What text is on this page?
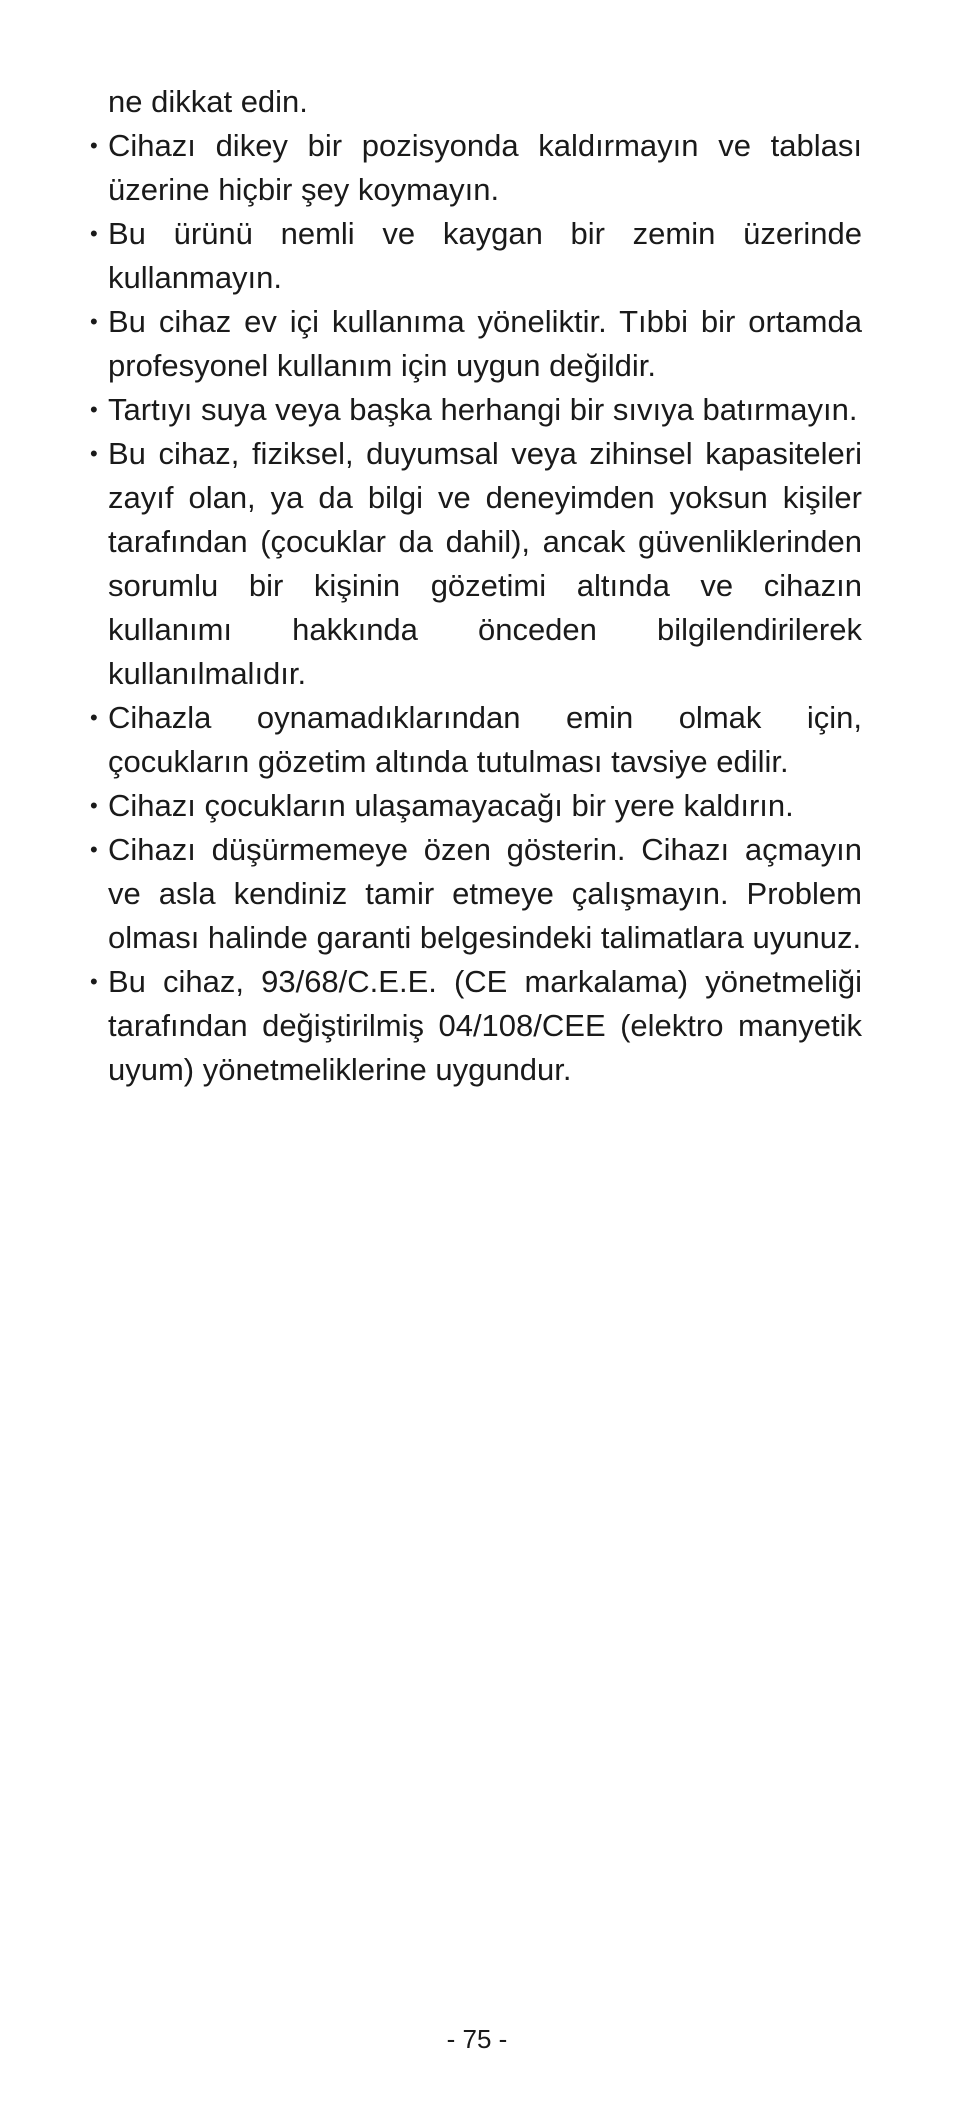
ne dikkat edin.

• Cihazı dikey bir pozisyonda kaldırmayın ve tablası üzerine hiçbir şey koymayın.
• Bu ürünü nemli ve kaygan bir zemin üzerinde kullanmayın.
• Bu cihaz ev içi kullanıma yöneliktir. Tıbbi bir ortamda profesyonel kullanım için uygun değildir.
• Tartıyı suya veya başka herhangi bir sıvıya batırmayın.
• Bu cihaz, fiziksel, duyumsal veya zihinsel kapasiteleri zayıf olan, ya da bilgi ve deneyimden yoksun kişiler tarafından (çocuklar da dahil), ancak güvenliklerinden sorumlu bir kişinin gözetimi altında ve cihazın kullanımı hakkında önceden bilgilendirilerek kullanılmalıdır.
• Cihazla oynamadıklarından emin olmak için, çocukların gözetim altında tutulması tavsiye edilir.
• Cihazı çocukların ulaşamayacağı bir yere kaldırın.
• Cihazı düşürmemeye özen gösterin. Cihazı açmayın ve asla kendiniz tamir etmeye çalışmayın. Problem olması halinde garanti belgesindeki talimatlara uyunuz.
• Bu cihaz, 93/68/C.E.E. (CE markalama) yönetmeliği tarafından değiştirilmiş 04/108/CEE (elektro manyetik uyum) yönetmeliklerine uygundur.
- 75 -
